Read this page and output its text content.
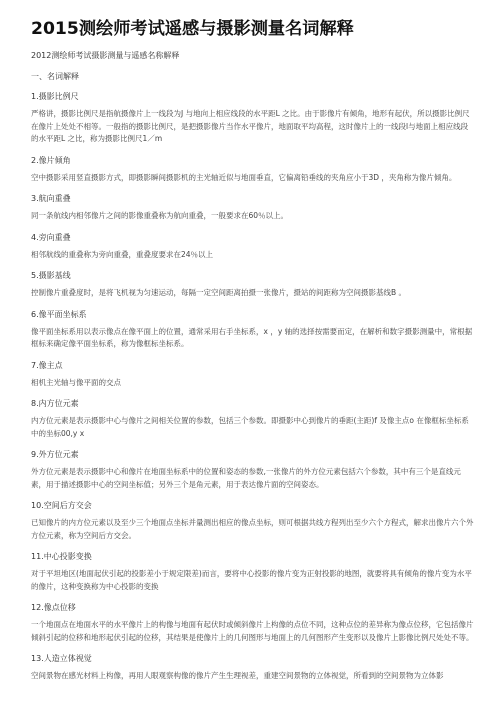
2015测绘师考试遥感与摄影测量名词解释

2012测绘师考试摄影测量与遥感名称解释

一、名词解释

1.摄影比例尺

严格讲，摄影比例尺是指航摄像片上一线段为J 与地向上相应线段的水平距L 之比。由于影像片有倾角，地形有起伏，所以摄影比例尺在像片上处处不相等。一般指的摄影比例尺，是把摄影像片当作水平像片，地面取平均高程，这时像片上的一线段l与地面上相应线段的水平距L 之比，称为摄影比例尺1／m

2.像片倾角

空中摄影采用竖直摄影方式，即摄影瞬间摄影机的主光轴近似与地面垂直，它偏离铅垂线的夹角应小于3D ，夹角称为像片倾角。

3.航向重叠

同一条航线内相邻像片之间的影像重叠称为航向重叠，一般要求在60％以上。

4.旁向重叠

相邻航线的重叠称为旁向重叠，重叠度要求在24％以上

5.摄影基线

控制像片重叠度时，是将飞机视为匀速运动，每隔一定空间距离拍摄一张像片，摄站的间距称为空间摄影基线B 。

6.像平面坐标系

像平面坐标系用以表示像点在像平面上的位置，通常采用右手坐标系，x ，y 轴的选择按需要而定，在解析和数字摄影测量中，常根据框标来确定像平面坐标系，称为像框标坐标系。

7.像主点

相机主光轴与像平面的交点

8.内方位元素

内方位元素是表示摄影中心与像片之间相关位置的参数，包括三个参数。即摄影中心到像片的垂距(主距)f 及像主点o 在像框标坐标系中的坐标00,y x

9.外方位元素

外方位元素是表示摄影中心和像片在地面坐标系中的位置和姿态的参数,一张像片的外方位元素包括六个参数，其中有三个是直线元素，用于描述摄影中心的空间坐标值；另外三个是角元素，用于表达像片面的空间姿态。

10.空间后方交会

已知像片的内方位元素以及至少三个地面点坐标并量测出相应的像点坐标，则可根据共线方程列出至少六个方程式，解求出像片六个外方位元素，称为空间后方交会。

11.中心投影变换

对于平坦地区(地面起伏引起的投影差小于规定限差)而言，要将中心投影的像片变为正射投影的地图，就要将具有倾角的像片变为水平的像片，这种变换称为中心投影的变换

12.像点位移

一个地面点在地面水平的水平像片上的构像与地面有起伏时或倾斜像片上构像的点位不同，这种点位的差异称为像点位移，它包括像片倾斜引起的位移和地形起伏引起的位移，其结果是使像片上的几何图形与地面上的几何图形产生变形以及像片上影像比例尺处处不等。

13.人造立体视觉

空间景物在感光材料上构像，再用人眼观察构像的像片产生生理视差，重建空间景物的立体视觉，所看到的空间景物为立体影
